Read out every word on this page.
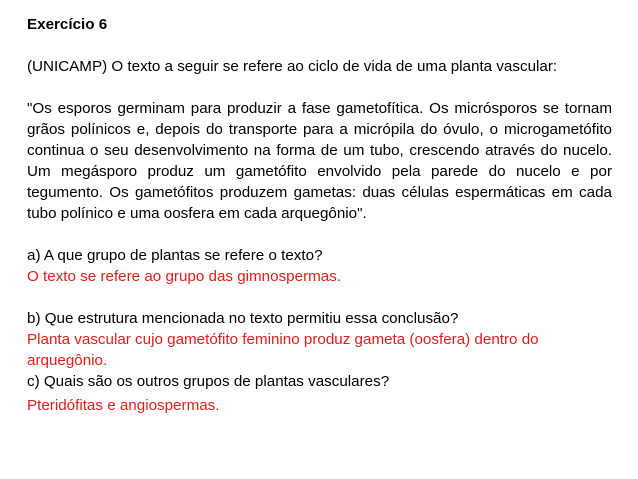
Exercício 6

(UNICAMP) O texto a seguir se refere ao ciclo de vida de uma planta vascular:

"Os esporos germinam para produzir a fase gametofítica. Os micrósporos se tornam grãos polínicos e, depois do transporte para a micrópila do óvulo, o microgametófito continua o seu desenvolvimento na forma de um tubo, crescendo através do nucelo. Um megásporo produz um gametófito envolvido pela parede do nucelo e por tegumento. Os gametófitos produzem gametas: duas células espermáticas em cada tubo polínico e uma oosfera em cada arquegônio".

a) A que grupo de plantas se refere o texto?

O texto se refere ao grupo das gimnospermas.

b) Que estrutura mencionada no texto permitiu essa conclusão?

Planta vascular cujo gametófito feminino produz gameta (oosfera) dentro do arquegônio.

c) Quais são os outros grupos de plantas vasculares?

Pteridófitas e angiospermas.
